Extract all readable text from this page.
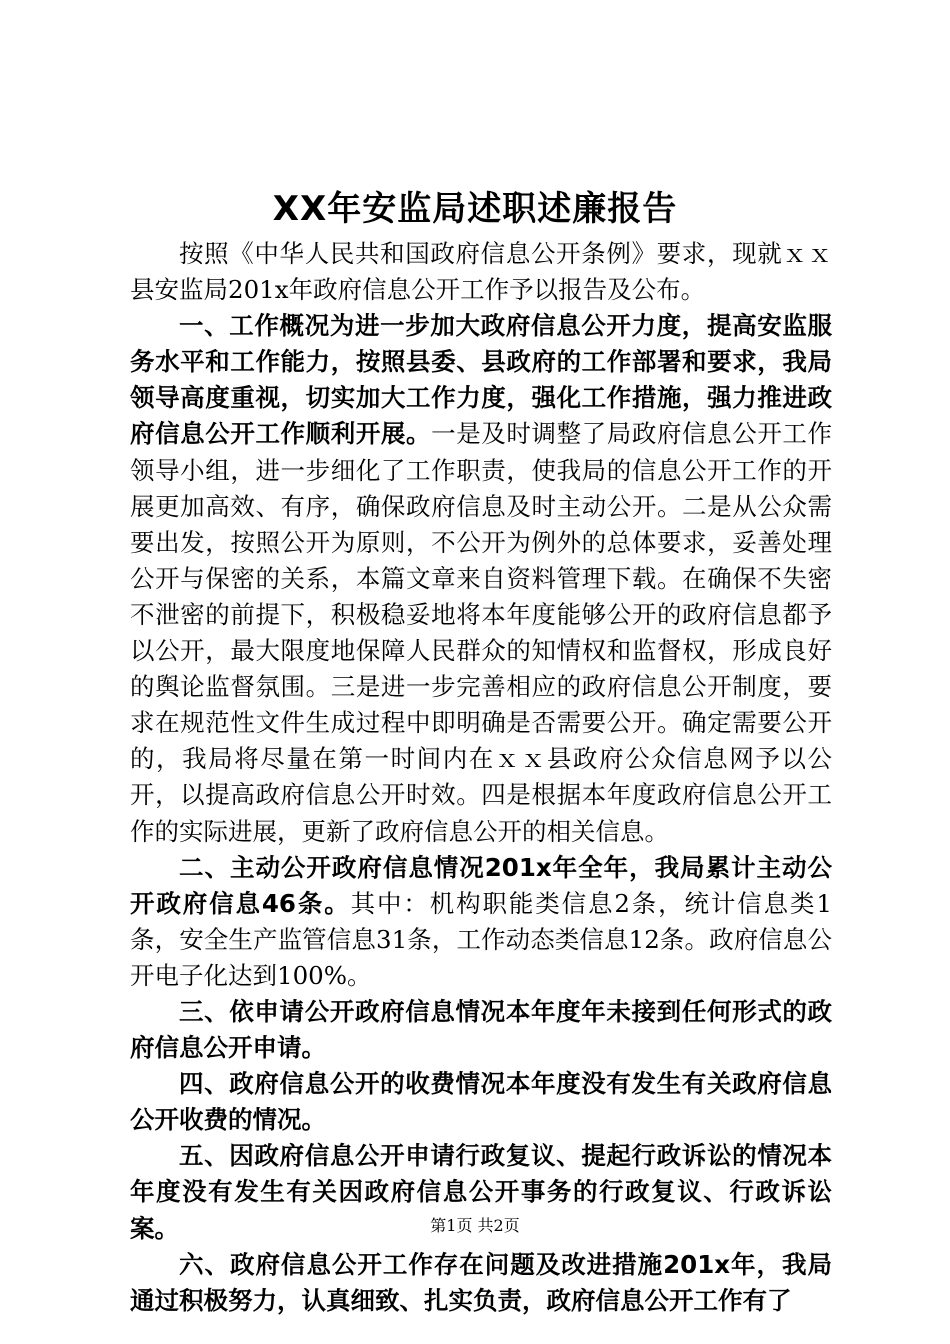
XX年安监局述职述廉报告

按照《中华人民共和国政府信息公开条例》要求，现就ｘｘ县安监局201x年政府信息公开工作予以报告及公布。

一、工作概况为进一步加大政府信息公开力度，提高安监服务水平和工作能力，按照县委、县政府的工作部署和要求，我局领导高度重视，切实加大工作力度，强化工作措施，强力推进政府信息公开工作顺利开展。一是及时调整了局政府信息公开工作领导小组，进一步细化了工作职责，使我局的信息公开工作的开展更加高效、有序，确保政府信息及时主动公开。二是从公众需要出发，按照公开为原则，不公开为例外的总体要求，妥善处理公开与保密的关系，本篇文章来自资料管理下载。在确保不失密不泄密的前提下，积极稳妥地将本年度能够公开的政府信息都予以公开，最大限度地保障人民群众的知情权和监督权，形成良好的舆论监督氛围。三是进一步完善相应的政府信息公开制度，要求在规范性文件生成过程中即明确是否需要公开。确定需要公开的，我局将尽量在第一时间内在ｘｘ县政府公众信息网予以公开，以提高政府信息公开时效。四是根据本年度政府信息公开工作的实际进展，更新了政府信息公开的相关信息。

二、主动公开政府信息情况201x年全年，我局累计主动公开政府信息46条。其中：机构职能类信息2条，统计信息类1条，安全生产监管信息31条，工作动态类信息12条。政府信息公开电子化达到100%。

三、依申请公开政府信息情况本年度年未接到任何形式的政府信息公开申请。

四、政府信息公开的收费情况本年度没有发生有关政府信息公开收费的情况。

五、因政府信息公开申请行政复议、提起行政诉讼的情况本年度没有发生有关因政府信息公开事务的行政复议、行政诉讼案。

六、政府信息公开工作存在问题及改进措施201x年，我局通过积极努力，认真细致、扎实负责，政府信息公开工作有了

第1页 共2页
